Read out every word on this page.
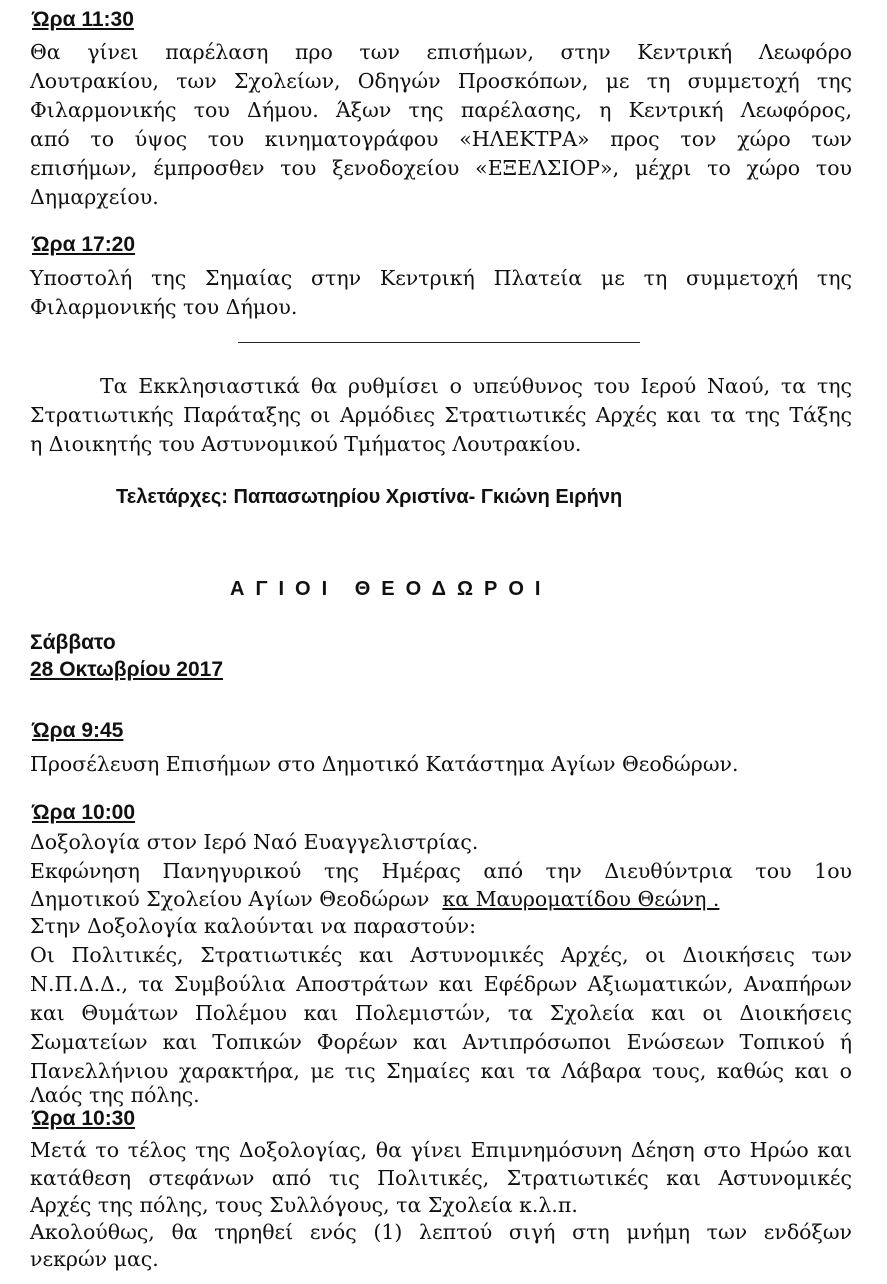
Ώρα 11:30
Θα γίνει παρέλαση προ των επισήμων, στην Κεντρική Λεωφόρο
Λουτρακίου, των Σχολείων, Οδηγών Προσκόπων, με τη συμμετοχή της
Φιλαρμονικής του Δήμου. Άξων της παρέλασης, η Κεντρική Λεωφόρος,
από το ύψος του κινηματογράφου «ΗΛΕΚΤΡΑ» προς τον χώρο των
επισήμων, έμπροσθεν του ξενοδοχείου «ΕΞΕΛΣΙΟΡ», μέχρι το χώρο του
Δημαρχείου.
Ώρα 17:20
Υποστολή της Σημαίας στην Κεντρική Πλατεία με τη συμμετοχή της
Φιλαρμονικής του Δήμου.
Τα Εκκλησιαστικά θα ρυθμίσει ο υπεύθυνος του Ιερού Ναού, τα της
Στρατιωτικής Παράταξης οι Αρμόδιες Στρατιωτικές Αρχές και τα της Τάξης
η Διοικητής του Αστυνομικού Τμήματος Λουτρακίου.
Τελετάρχες: Παπασωτηρίου Χριστίνα- Γκιώνη Ειρήνη
ΑΓΙΟΙ ΘΕΟΔΩΡΟΙ
Σάββατο
28 Οκτωβρίου 2017
Ώρα 9:45
Προσέλευση Επισήμων στο Δημοτικό Κατάστημα Αγίων Θεοδώρων.
Ώρα 10:00
Δοξολογία στον Ιερό Ναό Ευαγγελιστρίας.
Εκφώνηση Πανηγυρικού της Ημέρας από την Διευθύντρια του 1ου
Δημοτικού Σχολείου Αγίων Θεοδώρων κα Μαυροματίδου Θεώνη .
Στην Δοξολογία καλούνται να παραστούν:
Οι Πολιτικές, Στρατιωτικές και Αστυνομικές Αρχές, οι Διοικήσεις των
Ν.Π.Δ.Δ., τα Συμβούλια Αποστράτων και Εφέδρων Αξιωματικών, Αναπήρων
και Θυμάτων Πολέμου και Πολεμιστών, τα Σχολεία και οι Διοικήσεις
Σωματείων και Τοπικών Φορέων και Αντιπρόσωποι Ενώσεων Τοπικού ή
Πανελλήνιου χαρακτήρα, με τις Σημαίες και τα Λάβαρα τους, καθώς και ο
Λαός της πόλης.
Ώρα 10:30
Μετά το τέλος της Δοξολογίας, θα γίνει Επιμνημόσυνη Δέηση στο Ηρώο και
κατάθεση στεφάνων από τις Πολιτικές, Στρατιωτικές και Αστυνομικές
Αρχές της πόλης, τους Συλλόγους, τα Σχολεία κ.λ.π.
Ακολούθως, θα τηρηθεί ενός (1) λεπτού σιγή στη μνήμη των ενδόξων
νεκρών μας.
